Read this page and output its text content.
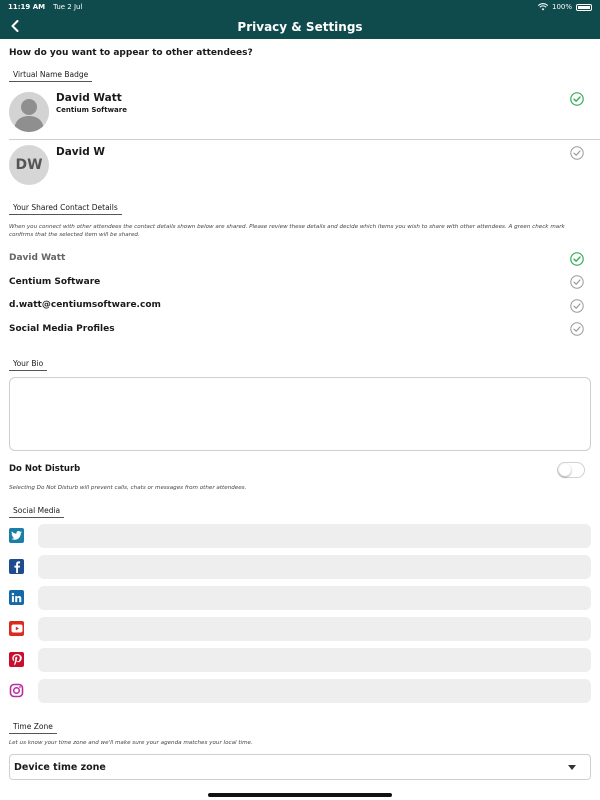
11:19 AM Tue 2 Jul	100%
Privacy & Settings
How do you want to appear to other attendees?
Virtual Name Badge
David Watt
Centium Software
DW
David W
Your Shared Contact Details
When you connect with other attendees the contact details shown below are shared. Please review these details and decide which items you wish to share with other attendees. A green check mark confirms that the selected item will be shared.
David Watt
Centium Software
d.watt@centiumsoftware.com
Social Media Profiles
Your Bio
Do Not Disturb
Selecting Do Not Disturb will prevent calls, chats or messages from other attendees.
Social Media
Time Zone
Let us know your time zone and we'll make sure your agenda matches your local time.
Device time zone
